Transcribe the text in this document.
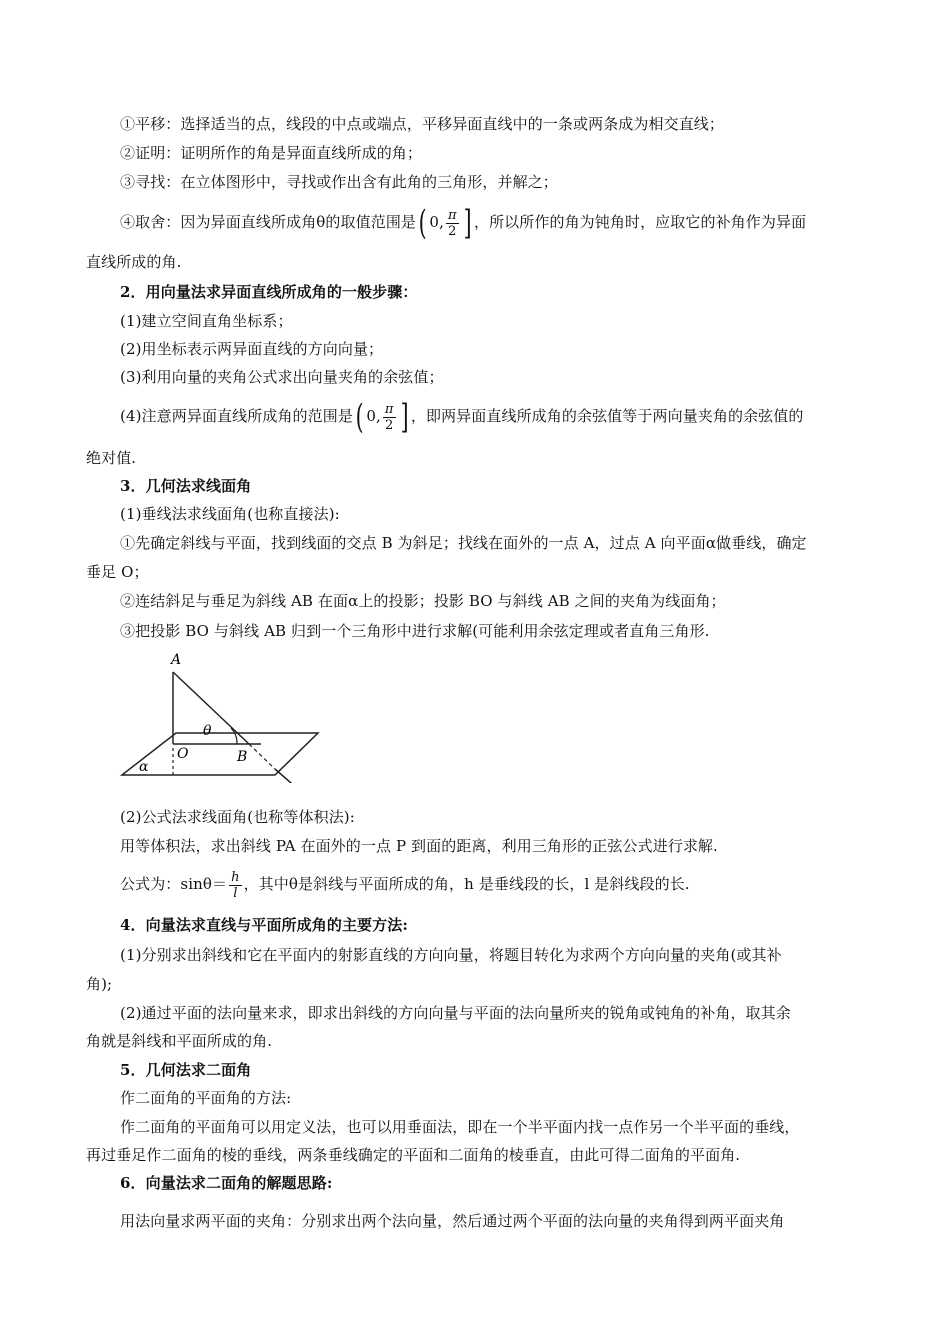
①平移：选择适当的点，线段的中点或端点，平移异面直线中的一条或两条成为相交直线；
②证明：证明所作的角是异面直线所成的角；
③寻找：在立体图形中，寻找或作出含有此角的三角形，并解之；
④取舍：因为异面直线所成角θ的取值范围是( 0, $\frac{\pi}{2}$ ] ，所以所作的角为钝角时，应取它的补角作为异面
直线所成的角.
2．用向量法求异面直线所成角的一般步骤：
(1)建立空间直角坐标系；
(2)用坐标表示两异面直线的方向向量；
(3)利用向量的夹角公式求出向量夹角的余弦值；
(4)注意两异面直线所成角的范围是( 0, $\frac{\pi}{2}$ ] ，即两异面直线所成角的余弦值等于两向量夹角的余弦值的
绝对值.
3．几何法求线面角
(1)垂线法求线面角(也称直接法):
①先确定斜线与平面，找到线面的交点 B 为斜足；找线在面外的一点 A，过点 A 向平面α做垂线，确定
垂足 O；
②连结斜足与垂足为斜线 AB 在面α上的投影；投影 BO 与斜线 AB 之间的夹角为线面角；
③把投影 BO 与斜线 AB 归到一个三角形中进行求解(可能利用余弦定理或者直角三角形.
A
O	B
θ
α
(2)公式法求线面角(也称等体积法):
用等体积法，求出斜线 PA 在面外的一点 P 到面的距离，利用三角形的正弦公式进行求解.
公式为：$\sin\theta= \frac{h}{l}$ ，其中θ是斜线与平面所成的角，h 是垂线段的长，l 是斜线段的长.
4．向量法求直线与平面所成角的主要方法:
(1)分别求出斜线和它在平面内的射影直线的方向向量，将题目转化为求两个方向向量的夹角(或其补
角);
(2)通过平面的法向量来求，即求出斜线的方向向量与平面的法向量所夹的锐角或钝角的补角，取其余
角就是斜线和平面所成的角.
5．几何法求二面角
作二面角的平面角的方法:
作二面角的平面角可以用定义法，也可以用垂面法，即在一个半平面内找一点作另一个半平面的垂线，
再过垂足作二面角的棱的垂线，两条垂线确定的平面和二面角的棱垂直，由此可得二面角的平面角.
6．向量法求二面角的解题思路:
用法向量求两平面的夹角：分别求出两个法向量，然后通过两个平面的法向量的夹角得到两平面夹角
